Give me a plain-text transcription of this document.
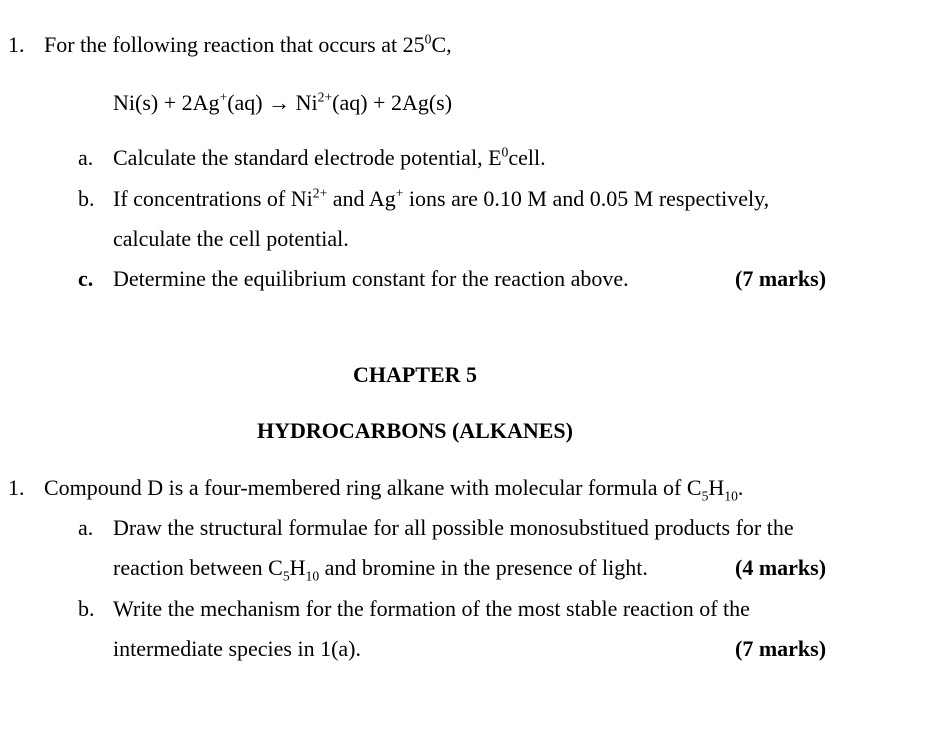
1. For the following reaction that occurs at $25^0C$,
$Ni(s) + 2Ag^+(aq) \to Ni^{2+}(aq) + 2Ag(s)$
a. Calculate the standard electrode potential, $E^0cell$.
b. If concentrations of $Ni^{2+}$ and Ag+ ions are 0.10 M and 0.05 M respectively,
calculate the cell potential.
c. Determine the equilibrium constant for the reaction above.	(7 marks)
CHAPTER 5
HYDROCARBONS (ALKANES)
1. Compound D is a four-membered ring alkane with molecular formula of $C_5H_{10}$.
a. Draw the structural formulae for all possible monosubstitued products for the
reaction between $C_5H_{10}$ and bromine in the presence of light.	(4 marks)
b. Write the mechanism for the formation of the most stable reaction of the
intermediate species in 1(a).	(7 marks)
